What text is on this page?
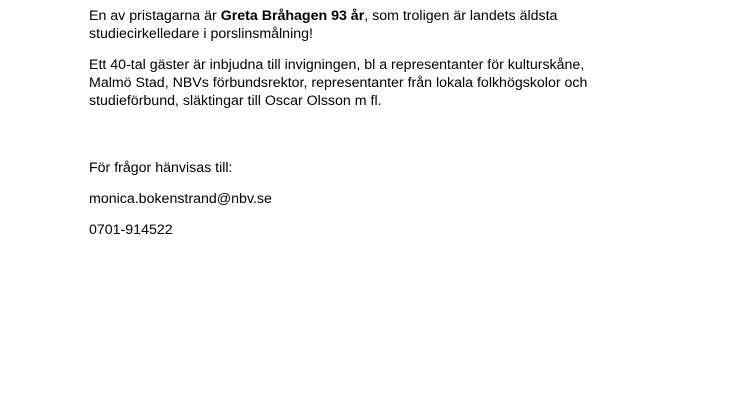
En av pristagarna är Greta Bråhagen 93 år, som troligen är landets äldsta
studiecirkelledare i porslinsmålning!

Ett 40-tal gäster är inbjudna till invigningen, bl a representanter för kulturskåne,
Malmö Stad, NBVs förbundsrektor, representanter från lokala folkhögskolor och
studieförbund, släktingar till Oscar Olsson m fl.

För frågor hänvisas till:

monica.bokenstrand@nbv.se

0701-914522
